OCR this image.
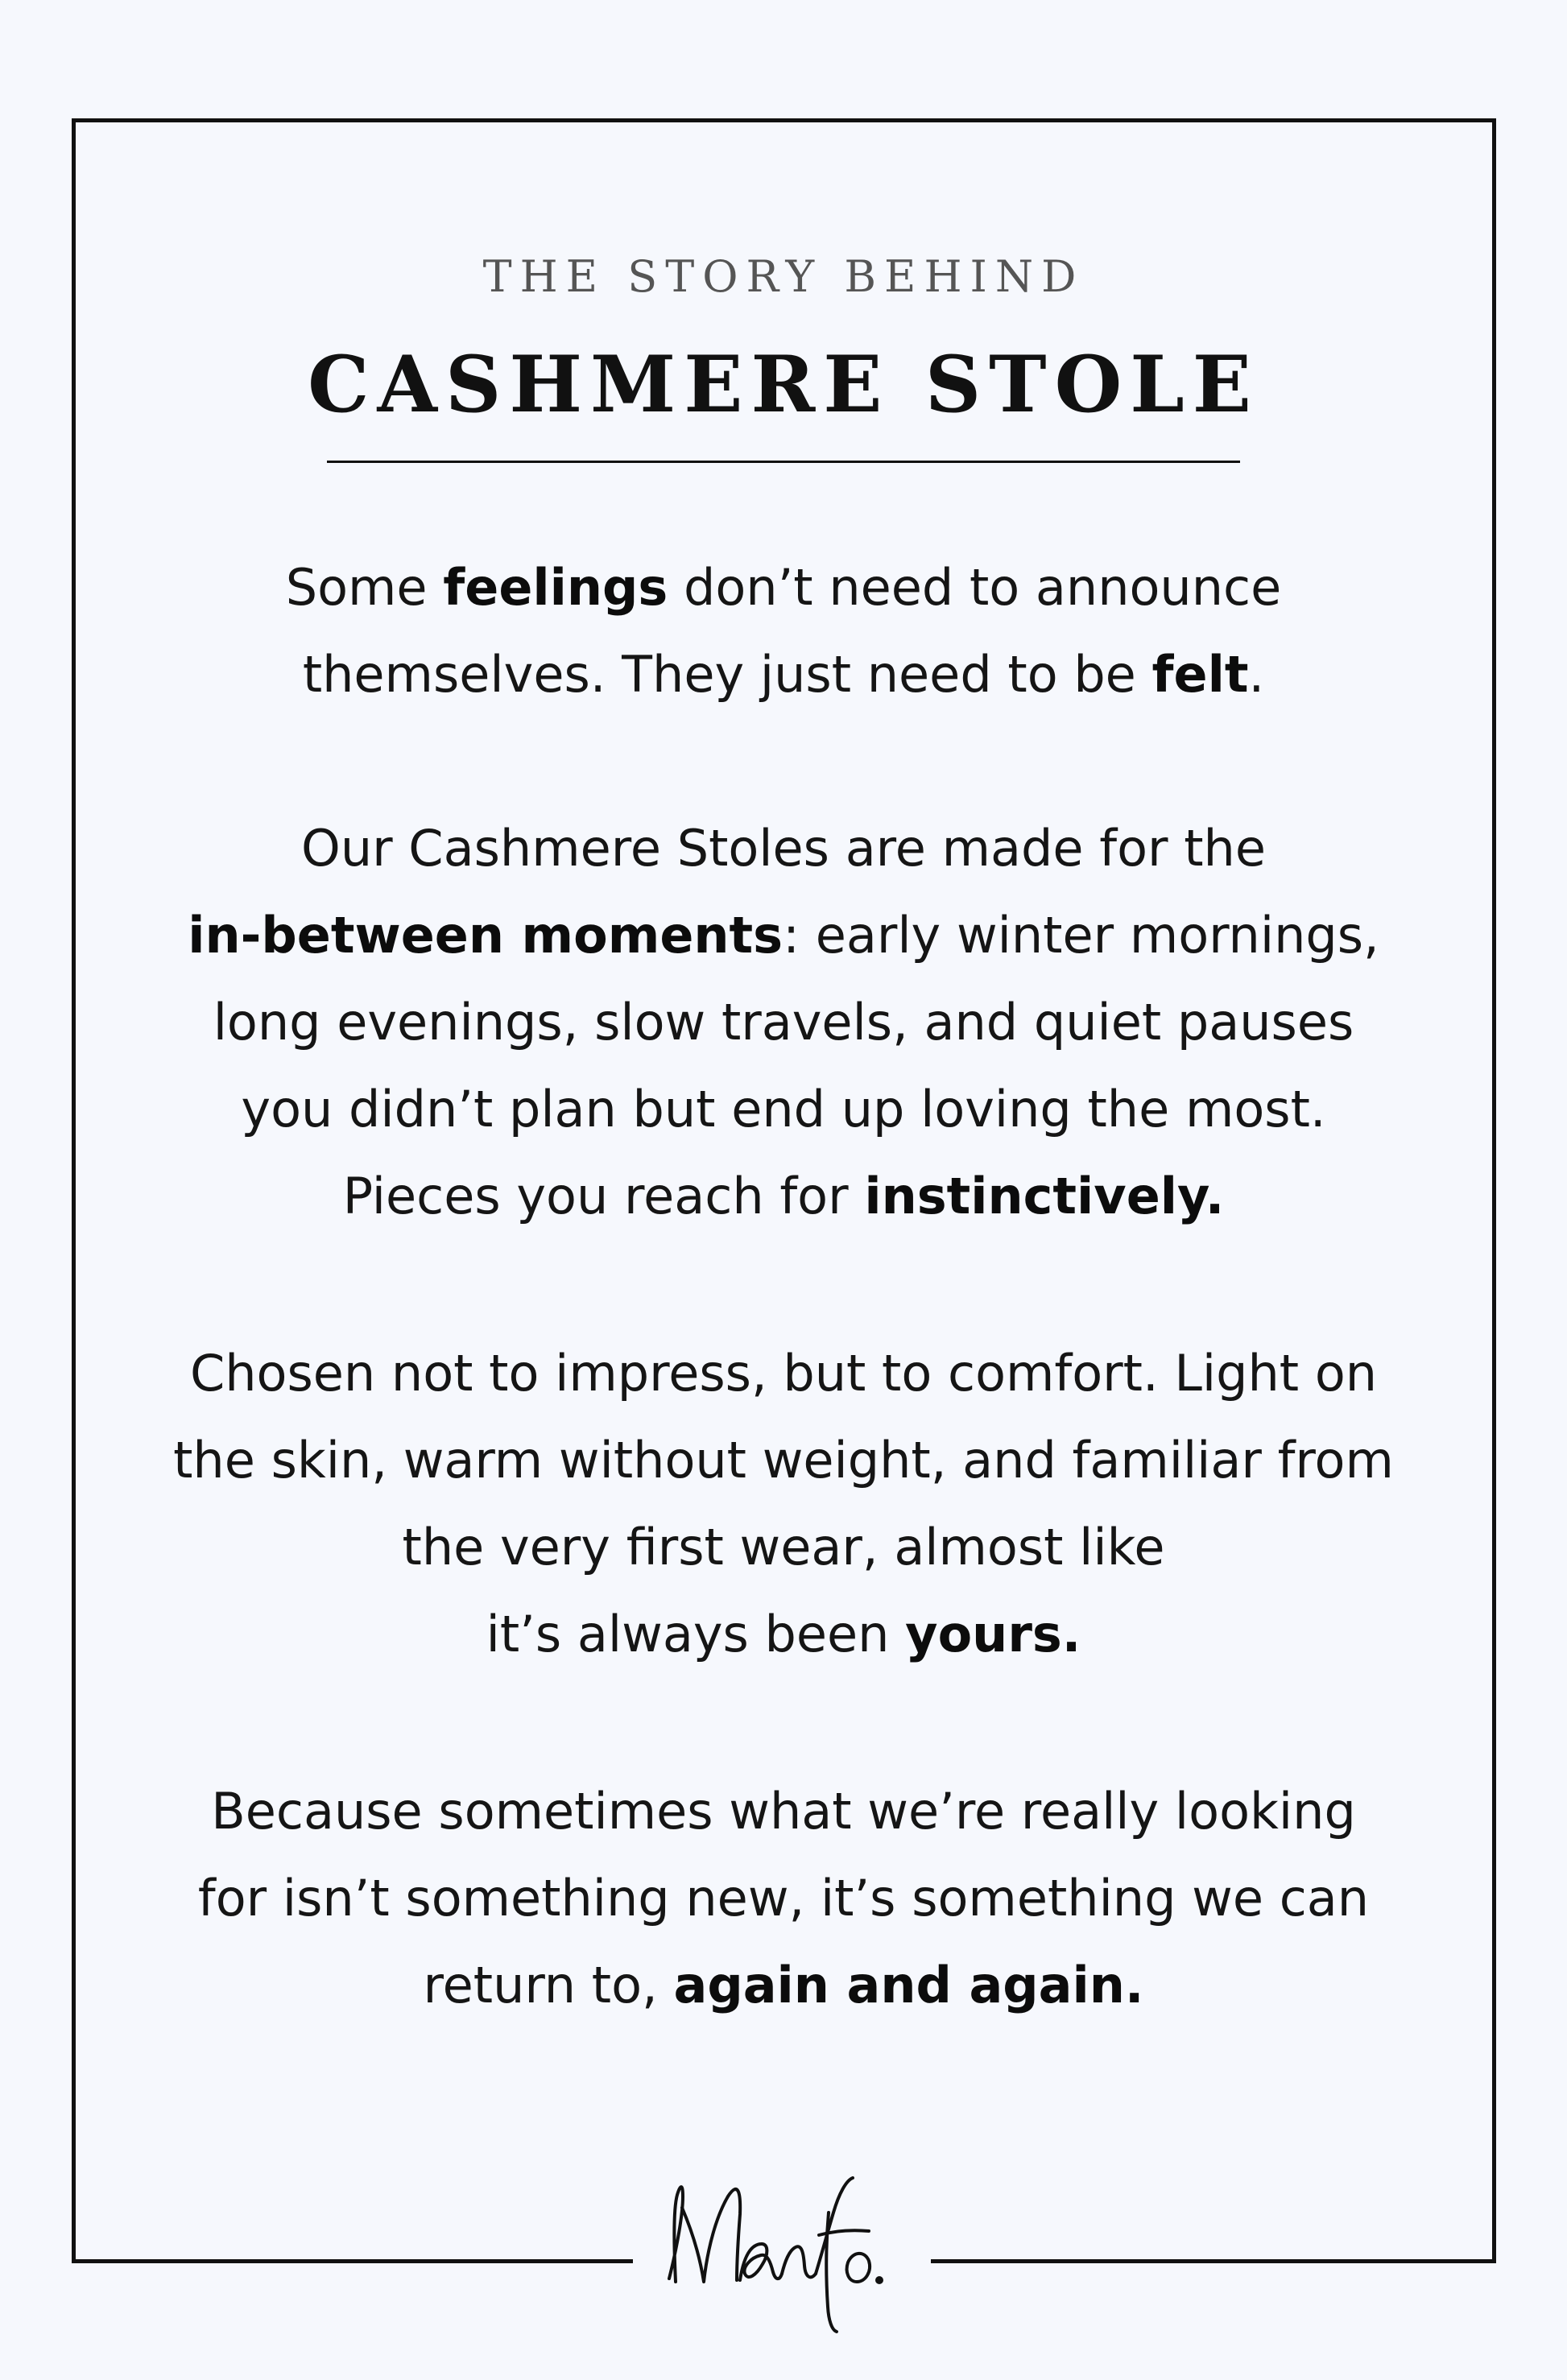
THE STORY BEHIND
CASHMERE STOLE
Some feelings don’t need to announce
themselves. They just need to be felt.
Our Cashmere Stoles are made for the
in-between moments: early winter mornings,
long evenings, slow travels, and quiet pauses
you didn’t plan but end up loving the most.
Pieces you reach for instinctively.
Chosen not to impress, but to comfort. Light on
the skin, warm without weight, and familiar from
the very first wear, almost like
it’s always been yours.
Because sometimes what we’re really looking
for isn’t something new, it’s something we can
return to, again and again.
